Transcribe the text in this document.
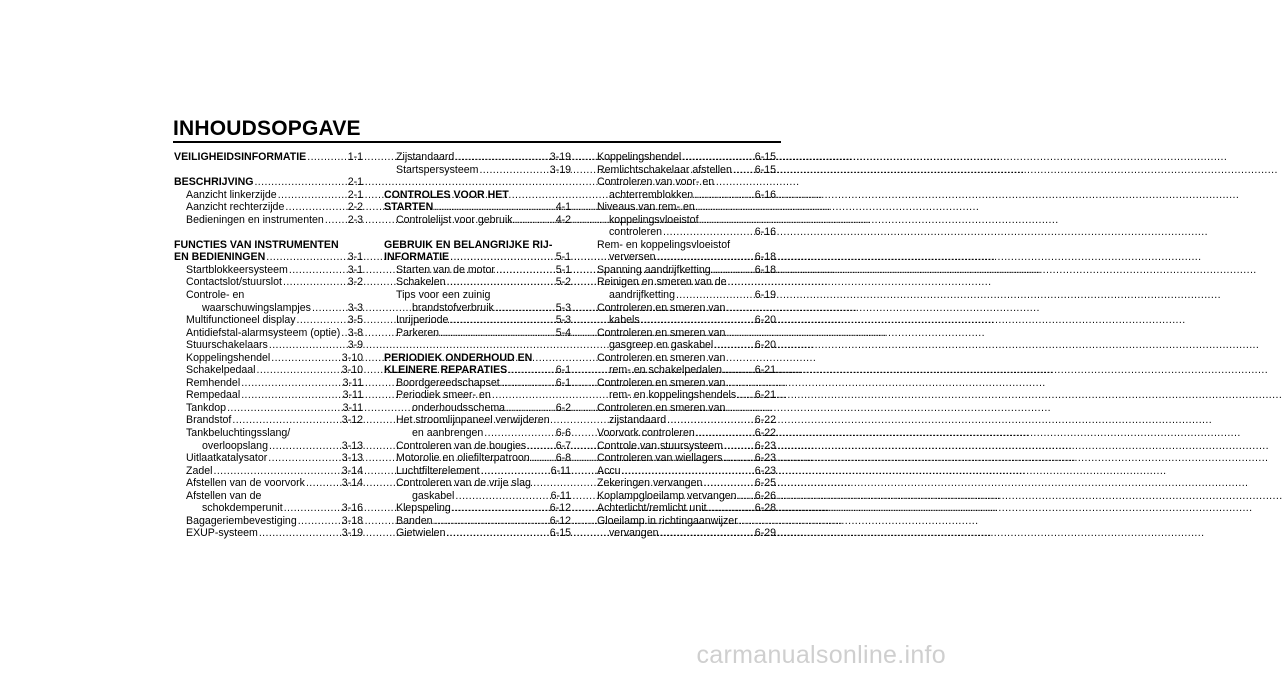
INHOUDSOPGAVE
VEILIGHEIDSINFORMATIE .....	1-1
BESCHRIJVING .....	2-1
Aanzicht linkerzijde .....	2-1
Aanzicht rechterzijde .....	2-2
Bedieningen en instrumenten ..... 2-3
FUNCTIES VAN INSTRUMENTEN
EN BEDIENINGEN .....	3-1
Startblokkeersysteem .....	3-1
Contactslot/stuurslot .....	3-2
Controle- en
waarschuwingslampjes .....	3-3
Multifunctioneel display .....	3-5
Antidiefstal-alarmsysteem (optie) ..... 3-8
Stuurschakelaars .....	3-9
Koppelingshendel .....	3-10
Schakelpedaal .....	3-10
Remhendel .....	3-11
Rempedaal .....	3-11
Tankdop .....	3-11
Brandstof .....	3-12
Tankbeluchtingsslang/
overloopslang .....	3-13
Uitlaatkatalysator .....	3-13
Zadel .....	3-14
Afstellen van de voorvork .....	3-14
Afstellen van de
schokdemperunit .....	3-16
Bagageriembevestiging .....	3-18
EXUP-systeem .....	3-19
Zijstandaard .....	3-19
Startspersysteem .....	3-19
CONTROLES VOOR HET
STARTEN .....	4-1
Controlelijst voor gebruik .....	4-2
GEBRUIK EN BELANGRIJKE RIJ-
INFORMATIE .....	5-1
Starten van de motor .....	5-1
Schakelen .....	5-2
Tips voor een zuinig
brandstofverbruik .....	5-3
Inrijperiode .....	5-3
Parkeren .....	5-4
PERIODIEK ONDERHOUD EN
KLEINERE REPARATIES .....	6-1
Boordgereedschapset .....	6-1
Periodiek smeer- en
onderhoudsschema .....	6-2
Het stroomlijnpaneel verwijderen
en aanbrengen .....	6-6
Controleren van de bougies .....	6-7
Motorolie en oliefilterpatroon ..... 6-8
Luchtfilterelement .....	6-11
Controleren van de vrije slag
gaskabel .....	6-11
Klepspeling .....	6-12
Banden .....	6-12
Gietwielen .....	6-15
Koppelingshendel .....	6-15
Remlichtschakelaar afstellen ..... 6-15
Controleren van voor- en
achterremblokken .....	6-16
Niveaus van rem- en
koppelingsvloeistof
controleren .....	6-16
Rem- en koppelingsvloeistof
verversen .....	6-18
Spanning aandrijfketting .....	6-18
Reinigen en smeren van de
aandrijfketting .....	6-19
Controleren en smeren van
kabels .....	6-20
Controleren en smeren van
gasgreep en gaskabel .....	6-20
Controleren en smeren van
rem- en schakelpedalen .....	6-21
Controleren en smeren van
rem- en koppelingshendels ..... 6-21
Controleren en smeren van
zijstandaard .....	6-22
Voorvork controleren .....	6-22
Controle van stuursysteem .....	6-23
Controleren van wiellagers .....	6-23
Accu .....	6-23
Zekeringen vervangen .....	6-25
Koplampgloeilamp vervangen ..... 6-26
Achterlicht/remlicht unit .....	6-28
Gloeilamp in richtingaanwijzer
vervangen .....	6-29
carmanualsonline.info
